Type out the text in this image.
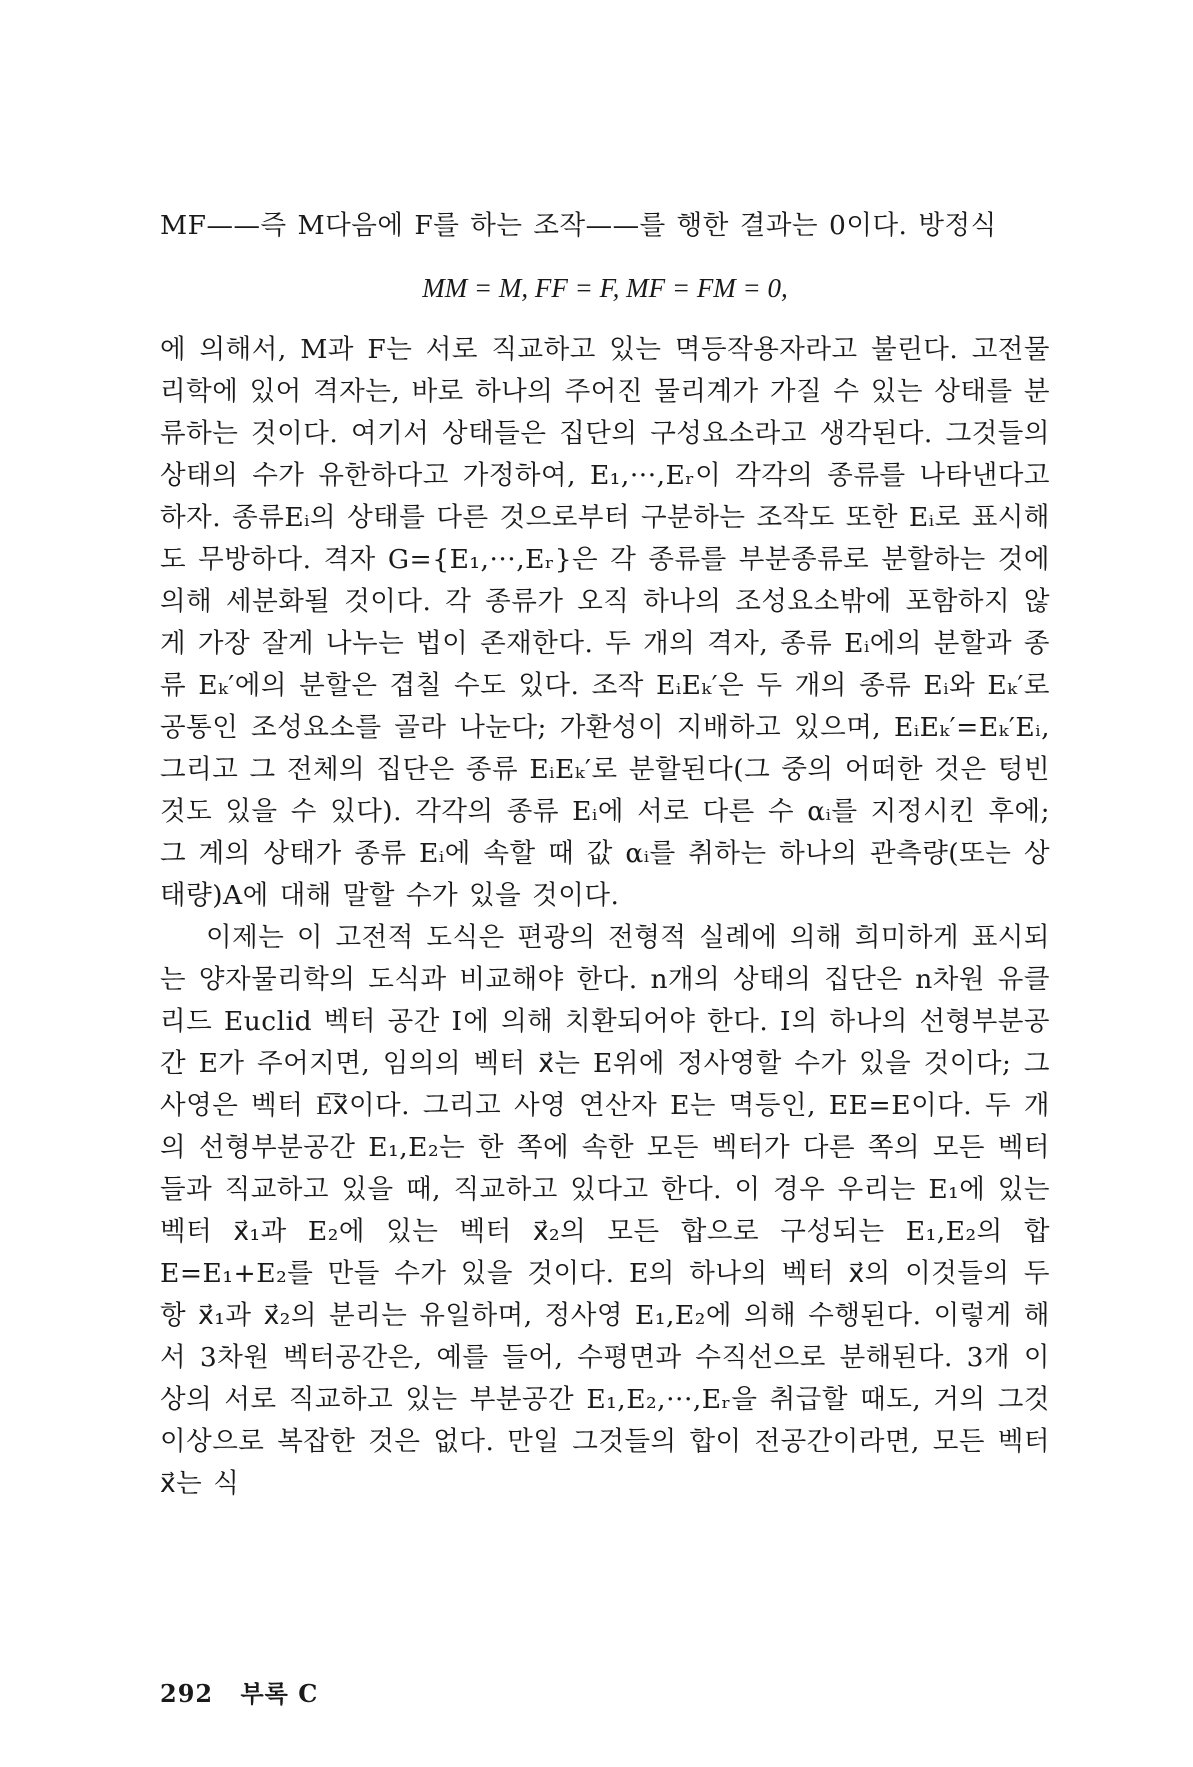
MF——즉 M다음에 F를 하는 조작——를 행한 결과는 0이다. 방정식

MM = M, FF = F, MF = FM = 0,

에 의해서, M과 F는 서로 직교하고 있는 멱등작용자라고 불린다. 고전물리학에 있어 격자는, 바로 하나의 주어진 물리계가 가질 수 있는 상태를 분류하는 것이다. 여기서 상태들은 집단의 구성요소라고 생각된다. 그것들의 상태의 수가 유한하다고 가정하여, E₁,···,Eᵣ이 각각의 종류를 나타낸다고 하자. 종류Eᵢ의 상태를 다른 것으로부터 구분하는 조작도 또한 Eᵢ로 표시해도 무방하다. 격자 G={E₁,···,Eᵣ}은 각 종류를 부분종류로 분할하는 것에 의해 세분화될 것이다. 각 종류가 오직 하나의 조성요소밖에 포함하지 않게 가장 잘게 나누는 법이 존재한다. 두 개의 격자, 종류 Eᵢ에의 분할과 종류 Eₖ′에의 분할은 겹칠 수도 있다. 조작 EᵢEₖ′은 두 개의 종류 Eᵢ와 Eₖ′로 공통인 조성요소를 골라 나눈다; 가환성이 지배하고 있으며, EᵢEₖ′=Eₖ′Eᵢ, 그리고 그 전체의 집단은 종류 EᵢEₖ′로 분할된다(그 중의 어떠한 것은 텅빈 것도 있을 수 있다). 각각의 종류 Eᵢ에 서로 다른 수 αᵢ를 지정시킨 후에; 그 계의 상태가 종류 Eᵢ에 속할 때 값 αᵢ를 취하는 하나의 관측량(또는 상태량)A에 대해 말할 수가 있을 것이다.

이제는 이 고전적 도식은 편광의 전형적 실례에 의해 희미하게 표시되는 양자물리학의 도식과 비교해야 한다. n개의 상태의 집단은 n차원 유클리드 Euclid 벡터 공간 Ⅰ에 의해 치환되어야 한다. Ⅰ의 하나의 선형부분공간 E가 주어지면, 임의의 벡터 x⃗는 E위에 정사영할 수가 있을 것이다; 그 사영은 벡터 E͞x⃗이다. 그리고 사영 연산자 E는 멱등인, EE=E이다. 두 개의 선형부분공간 E₁,E₂는 한 쪽에 속한 모든 벡터가 다른 쪽의 모든 벡터들과 직교하고 있을 때, 직교하고 있다고 한다. 이 경우 우리는 E₁에 있는 벡터 x⃗₁과 E₂에 있는 벡터 x⃗₂의 모든 합으로 구성되는 E₁,E₂의 합 E=E₁+E₂를 만들 수가 있을 것이다. E의 하나의 벡터 x⃗의 이것들의 두 항 x⃗₁과 x⃗₂의 분리는 유일하며, 정사영 E₁,E₂에 의해 수행된다. 이렇게 해서 3차원 벡터공간은, 예를 들어, 수평면과 수직선으로 분해된다. 3개 이상의 서로 직교하고 있는 부분공간 E₁,E₂,···,Eᵣ을 취급할 때도, 거의 그것 이상으로 복잡한 것은 없다. 만일 그것들의 합이 전공간이라면, 모든 벡터 x⃗는 식

292 부록 C
